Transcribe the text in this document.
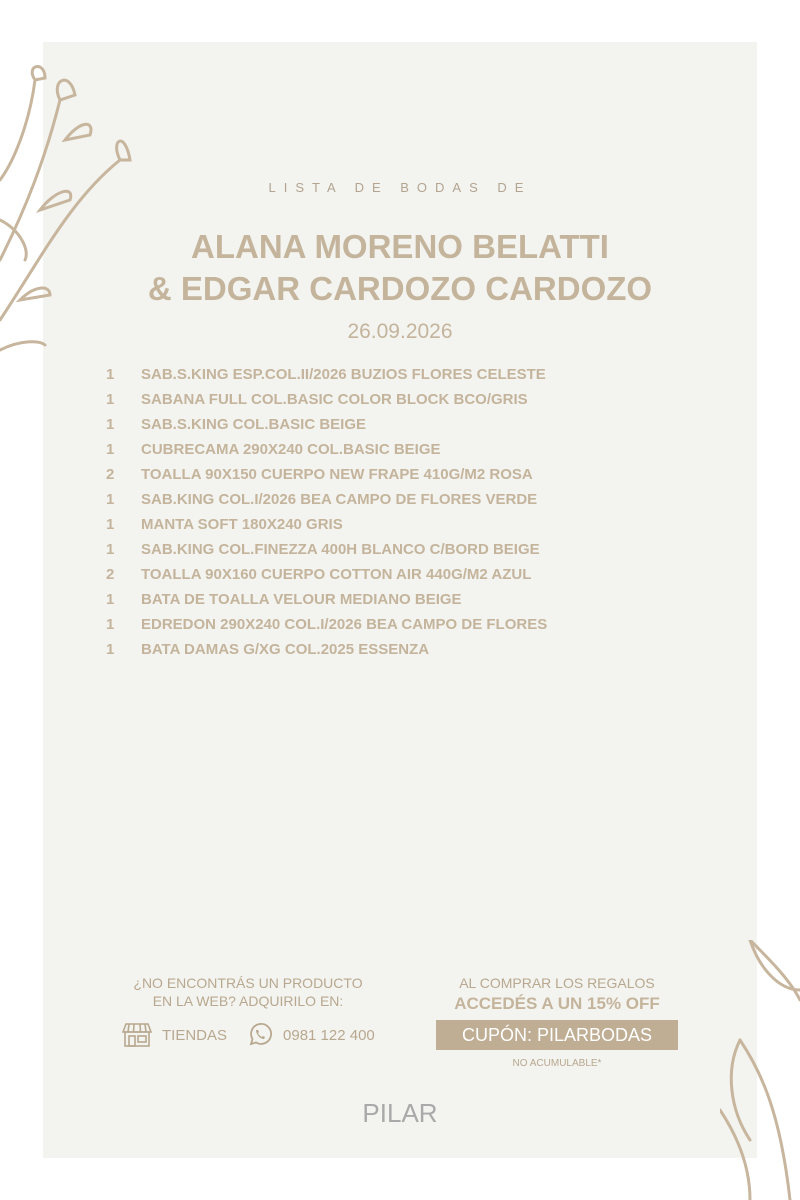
LISTA DE BODAS DE
ALANA MORENO BELATTI
& EDGAR CARDOZO CARDOZO
26.09.2026
1	SAB.S.KING ESP.COL.II/2026 BUZIOS FLORES CELESTE
1	SABANA FULL COL.BASIC COLOR BLOCK BCO/GRIS
1	SAB.S.KING COL.BASIC BEIGE
1	CUBRECAMA 290X240 COL.BASIC BEIGE
2	TOALLA 90X150 CUERPO NEW FRAPE 410G/M2 ROSA
1	SAB.KING COL.I/2026 BEA CAMPO DE FLORES VERDE
1	MANTA SOFT 180X240 GRIS
1	SAB.KING COL.FINEZZA 400H BLANCO C/BORD BEIGE
2	TOALLA 90X160 CUERPO COTTON AIR 440G/M2 AZUL
1	BATA DE TOALLA VELOUR MEDIANO BEIGE
1	EDREDON 290X240 COL.I/2026 BEA CAMPO DE FLORES
1	BATA DAMAS G/XG COL.2025 ESSENZA
¿NO ENCONTRÁS UN PRODUCTO
EN LA WEB? ADQUIRILO EN:
TIENDAS	0981 122 400
AL COMPRAR LOS REGALOS
ACCEDÉS A UN 15% OFF
CUPÓN: PILARBODAS
NO ACUMULABLE*
PILAR
